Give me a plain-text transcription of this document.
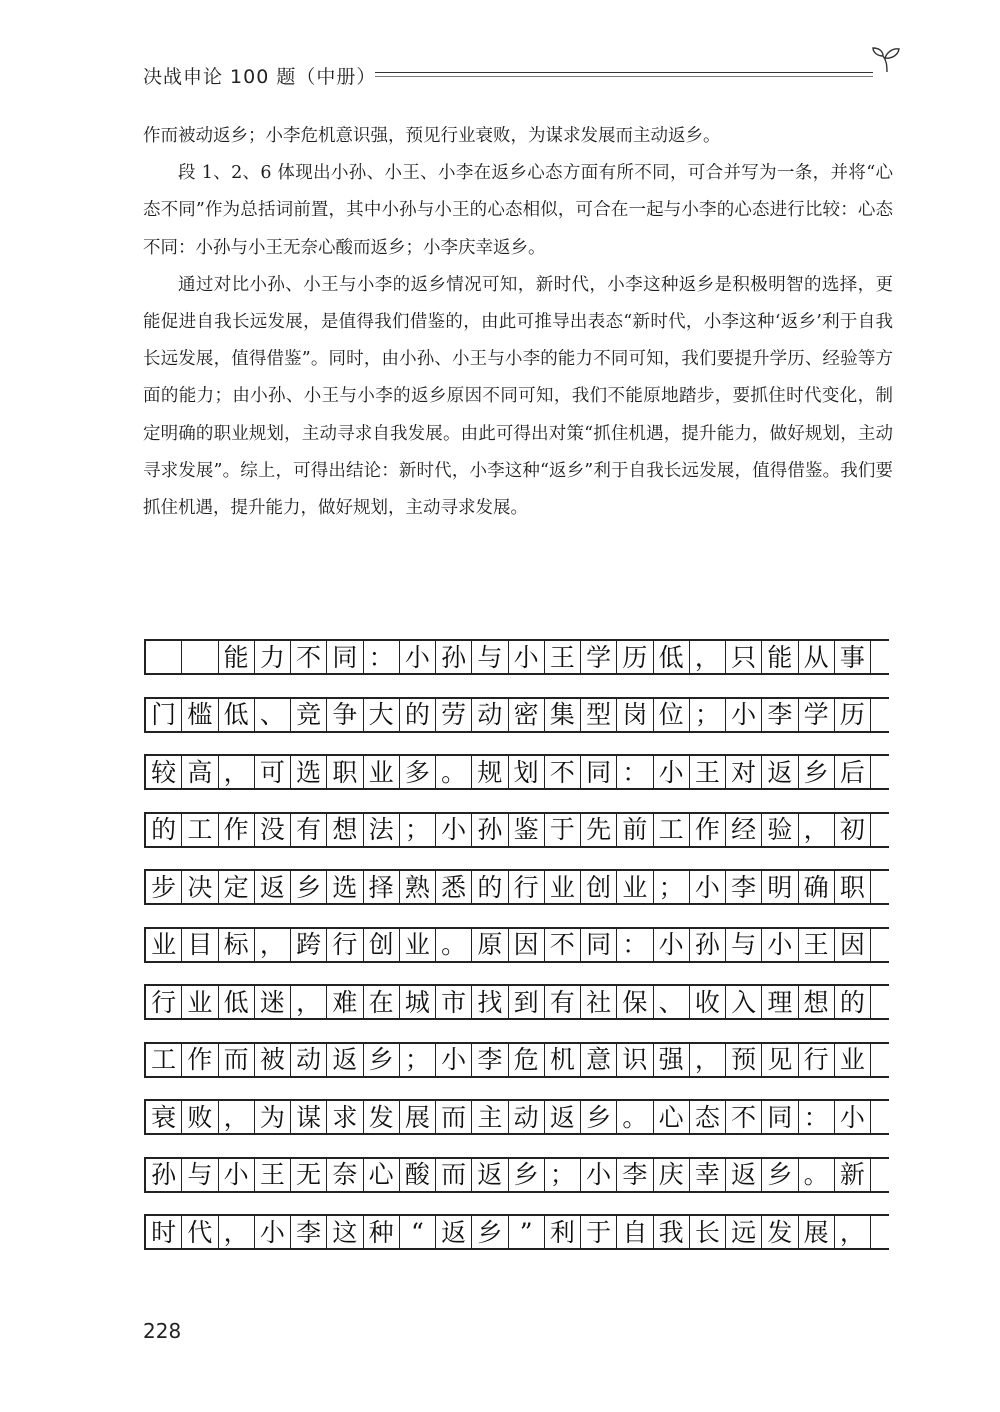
决战申论 100 题（中册）

作而被动返乡；小李危机意识强，预见行业衰败，为谋求发展而主动返乡。

段 1、2、6 体现出小孙、小王、小李在返乡心态方面有所不同，可合并写为一条，并将“心态不同”作为总括词前置，其中小孙与小王的心态相似，可合在一起与小李的心态进行比较：心态不同：小孙与小王无奈心酸而返乡；小李庆幸返乡。

通过对比小孙、小王与小李的返乡情况可知，新时代，小李这种返乡是积极明智的选择，更能促进自我长远发展，是值得我们借鉴的，由此可推导出表态“新时代，小李这种‘返乡’利于自我长远发展，值得借鉴”。同时，由小孙、小王与小李的能力不同可知，我们要提升学历、经验等方面的能力；由小孙、小王与小李的返乡原因不同可知，我们不能原地踏步，要抓住时代变化，制定明确的职业规划，主动寻求自我发展。由此可得出对策“抓住机遇，提升能力，做好规划，主动寻求发展”。综上，可得出结论：新时代，小李这种“返乡”利于自我长远发展，值得借鉴。我们要抓住机遇，提升能力，做好规划，主动寻求发展。

能 力 不 同 ： 小 孙 与 小 王 学 历 低 ， 只 能 从 事
门 槛 低 、 竞 争 大 的 劳 动 密 集 型 岗 位 ； 小 李 学 历
较 高 ， 可 选 职 业 多 。 规 划 不 同 ： 小 王 对 返 乡 后
的 工 作 没 有 想 法 ； 小 孙 鉴 于 先 前 工 作 经 验 ， 初
步 决 定 返 乡 选 择 熟 悉 的 行 业 创 业 ； 小 李 明 确 职
业 目 标 ， 跨 行 创 业 。 原 因 不 同 ： 小 孙 与 小 王 因
行 业 低 迷 ， 难 在 城 市 找 到 有 社 保 、 收 入 理 想 的
工 作 而 被 动 返 乡 ； 小 李 危 机 意 识 强 ， 预 见 行 业
衰 败 ， 为 谋 求 发 展 而 主 动 返 乡 。 心 态 不 同 ： 小
孙 与 小 王 无 奈 心 酸 而 返 乡 ； 小 李 庆 幸 返 乡 。 新
时 代 ， 小 李 这 种 “ 返 乡 ” 利 于 自 我 长 远 发 展 ，
228
